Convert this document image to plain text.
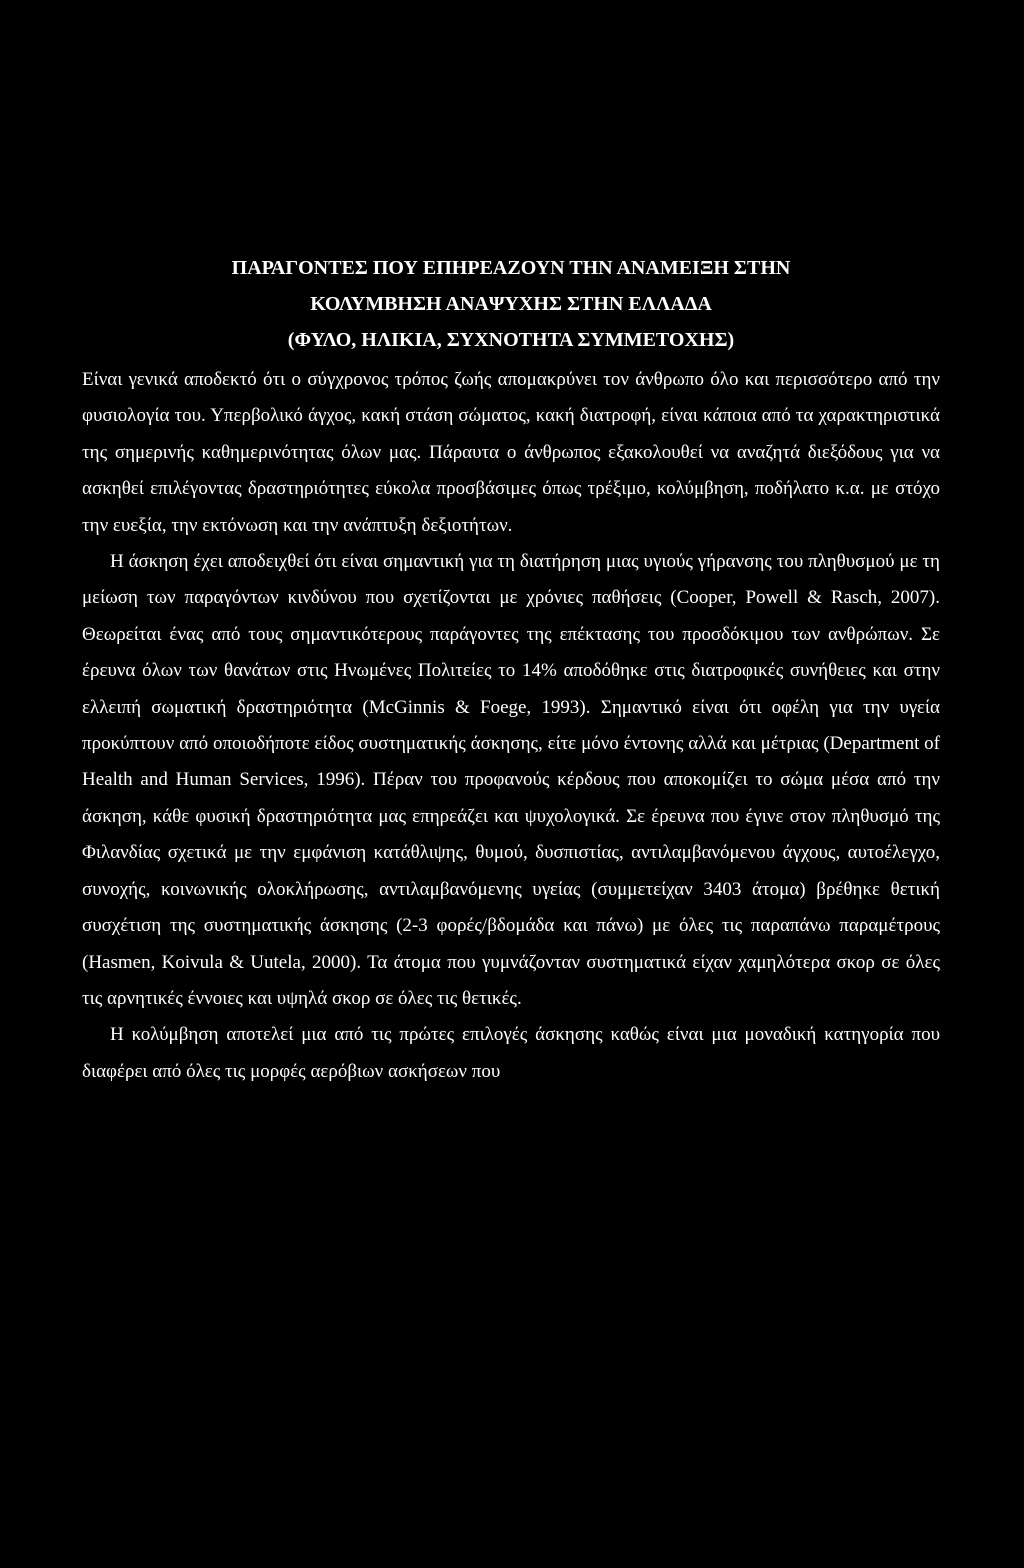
ΠΑΡΑΓΟΝΤΕΣ ΠΟΥ ΕΠΗΡΕΑΖΟΥΝ ΤΗΝ ΑΝΑΜΕΙΞΗ ΣΤΗΝ
ΚΟΛΥΜΒΗΣΗ ΑΝΑΨΥΧΗΣ ΣΤΗΝ ΕΛΛΑΔΑ
(ΦΥΛΟ, ΗΛΙΚΙΑ, ΣΥΧΝΟΤΗΤΑ ΣΥΜΜΕΤΟΧΗΣ)

Είναι γενικά αποδεκτό ότι ο σύγχρονος τρόπος ζωής απομακρύνει τον άνθρωπο όλο και περισσότερο από την φυσιολογία του. Υπερβολικό άγχος, κακή στάση σώματος, κακή διατροφή, είναι κάποια από τα χαρακτηριστικά της σημερινής καθημερινότητας όλων μας. Πάραυτα ο άνθρωπος εξακολουθεί να αναζητά διεξόδους για να ασκηθεί επιλέγοντας δραστηριότητες εύκολα προσβάσιμες όπως τρέξιμο, κολύμβηση, ποδήλατο κ.α. με στόχο την ευεξία, την εκτόνωση και την ανάπτυξη δεξιοτήτων.

Η άσκηση έχει αποδειχθεί ότι είναι σημαντική για τη διατήρηση μιας υγιούς γήρανσης του πληθυσμού με τη μείωση των παραγόντων κινδύνου που σχετίζονται με χρόνιες παθήσεις (Cooper, Powell & Rasch, 2007). Θεωρείται ένας από τους σημαντικότερους παράγοντες της επέκτασης του προσδόκιμου των ανθρώπων. Σε έρευνα όλων των θανάτων στις Ηνωμένες Πολιτείες το 14% αποδόθηκε στις διατροφικές συνήθειες και στην ελλειπή σωματική δραστηριότητα (McGinnis & Foege, 1993). Σημαντικό είναι ότι οφέλη για την υγεία προκύπτουν από οποιοδήποτε είδος συστηματικής άσκησης, είτε μόνο έντονης αλλά και μέτριας (Department of Health and Human Services, 1996). Πέραν του προφανούς κέρδους που αποκομίζει το σώμα μέσα από την άσκηση, κάθε φυσική δραστηριότητα μας επηρεάζει και ψυχολογικά. Σε έρευνα που έγινε στον πληθυσμό της Φιλανδίας σχετικά με την εμφάνιση κατάθλιψης, θυμού, δυσπιστίας, αντιλαμβανόμενου άγχους, αυτοέλεγχο, συνοχής, κοινωνικής ολοκλήρωσης, αντιλαμβανόμενης υγείας (συμμετείχαν 3403 άτομα) βρέθηκε θετική συσχέτιση της συστηματικής άσκησης (2-3 φορές/βδομάδα και πάνω) με όλες τις παραπάνω παραμέτρους (Hasmen, Koivula & Uutela, 2000). Τα άτομα που γυμνάζονταν συστηματικά είχαν χαμηλότερα σκορ σε όλες τις αρνητικές έννοιες και υψηλά σκορ σε όλες τις θετικές.

Η κολύμβηση αποτελεί μια από τις πρώτες επιλογές άσκησης καθώς είναι μια μοναδική κατηγορία που διαφέρει από όλες τις μορφές αερόβιων ασκήσεων που
